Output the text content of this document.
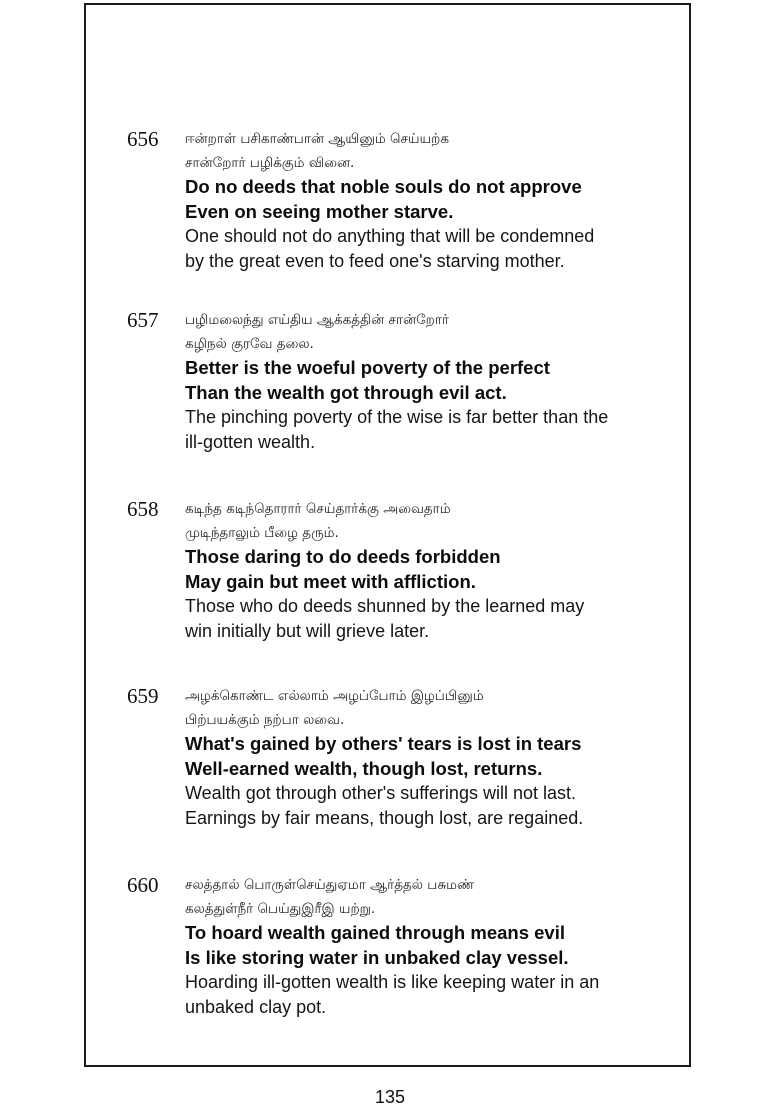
656 ஈன்றாள் பசிகாண்பான் ஆயினும் செய்யற்க
சான்றோர் பழிக்கும் வினை.
Do no deeds that noble souls do not approve
Even on seeing mother starve.
One should not do anything that will be condemned
by the great even to feed one's starving mother.
657 பழிமலைந்து எய்திய ஆக்கத்தின் சான்றோர்
கழிநல் குரவே தலை.
Better is the woeful poverty of the perfect
Than the wealth got through evil act.
The pinching poverty of the wise is far better than the
ill-gotten wealth.
658 கடிந்த கடிந்தொரார் செய்தார்க்கு அவைதாம்
முடிந்தாலும் பீழை தரும்.
Those daring to do deeds forbidden
May gain but meet with affliction.
Those who do deeds shunned by the learned may
win initially but will grieve later.
659 அழக்கொண்ட எல்லாம் அழப்போம் இழப்பினும்
பிற்பயக்கும் நற்பா லவை.
What's gained by others' tears is lost in tears
Well-earned wealth, though lost, returns.
Wealth got through other's sufferings will not last.
Earnings by fair means, though lost, are regained.
660 சலத்தால் பொருள்செய்துஏமா ஆர்த்தல் பசுமண்
கலத்துள்நீர் பெய்துஇரீஇ யற்று.
To hoard wealth gained through means evil
Is like storing water in unbaked clay vessel.
Hoarding ill-gotten wealth is like keeping water in an
unbaked clay pot.
135
